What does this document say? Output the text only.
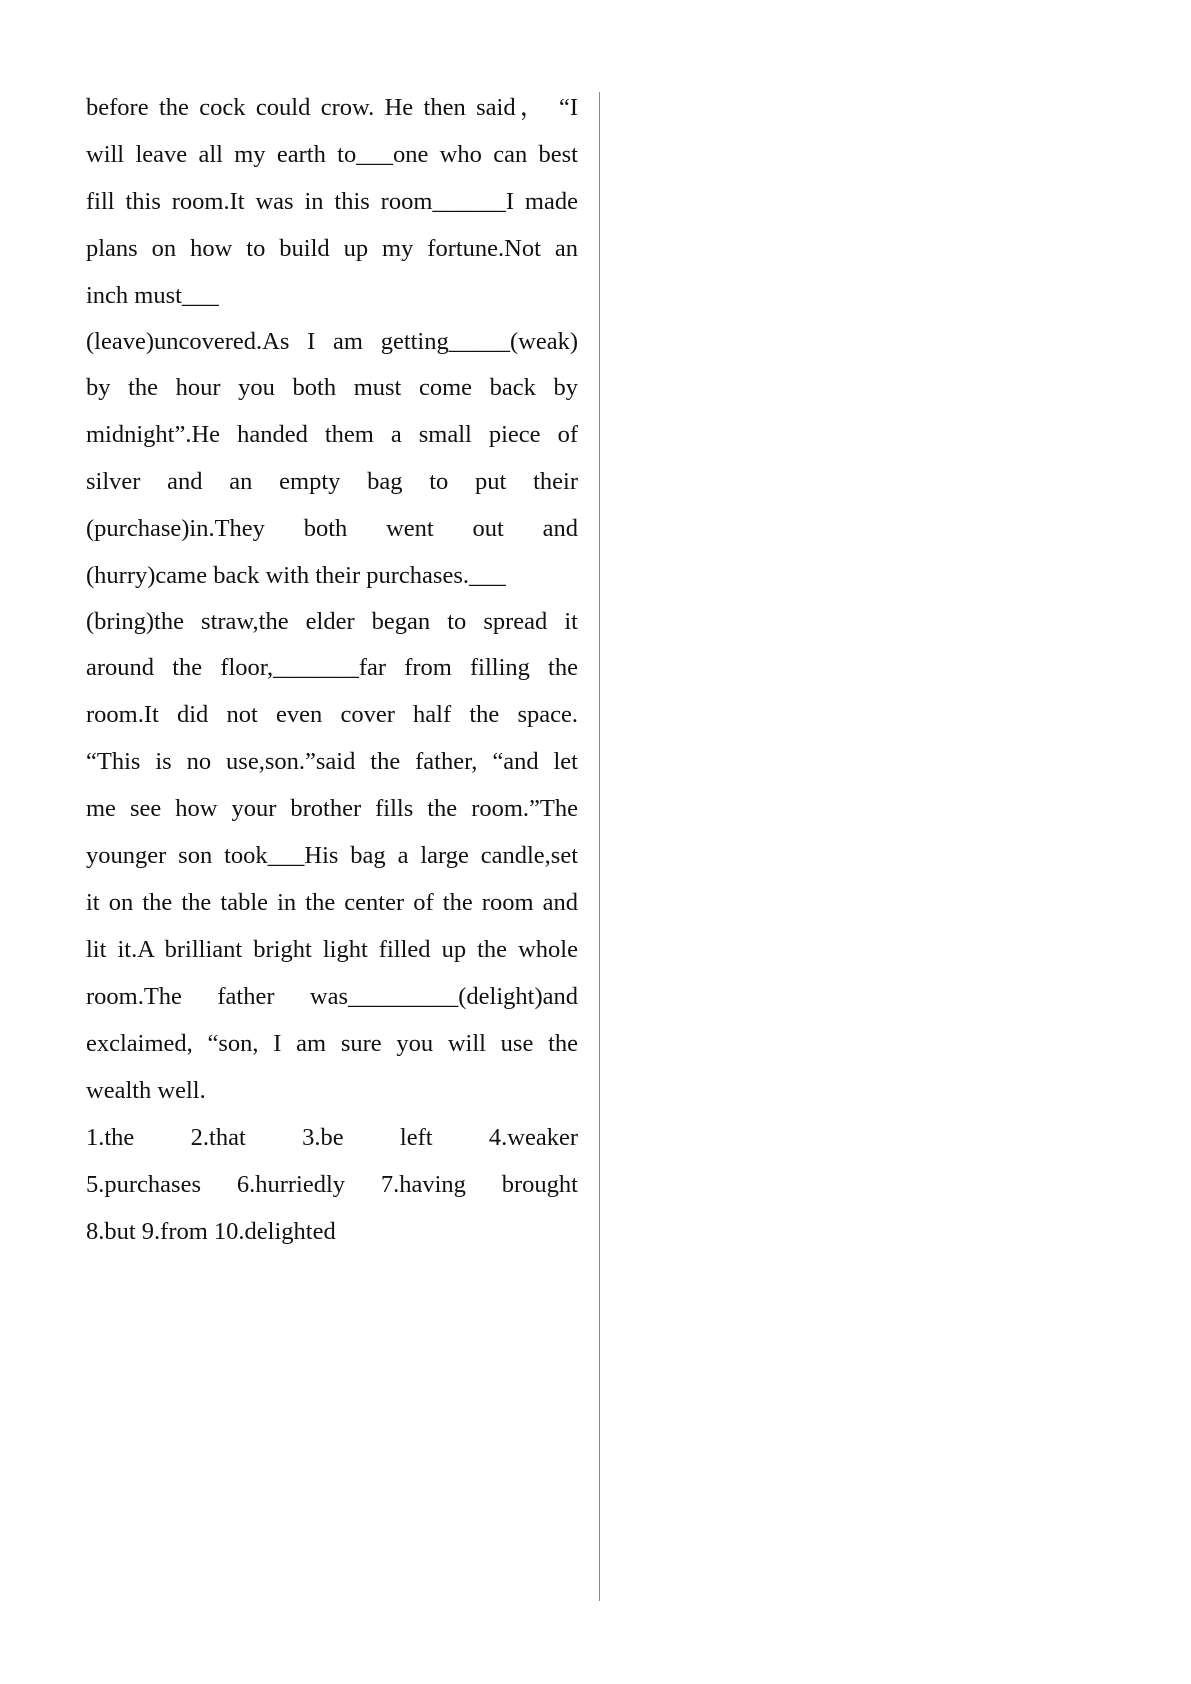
before the cock could crow. He then said， “I
will leave all my earth to___one who can best
fill this room.It was in this room______I made
plans on how to build up my fortune.Not an
inch must___
(leave)uncovered.As I am getting_____(weak)
by the hour you both must come back by
midnight”.He handed them a small piece of
silver and an empty bag to put their
(purchase)in.They both went out and
(hurry)came back with their purchases.___
(bring)the straw,the elder began to spread it
around the floor,_______far from filling the
room.It did not even cover half the space.
“This is no use,son.”said the father, “and let
me see how your brother fills the room.”The
younger son took___His bag a large candle,set
it on the the table in the center of the room and
lit it.A brilliant bright light filled up the whole
room.The father was_________(delight)and
exclaimed, “son, I am sure you will use the
wealth well.
1.the 2.that 3.be left 4.weaker
5.purchases 6.hurriedly 7.having brought
8.but 9.from 10.delighted
